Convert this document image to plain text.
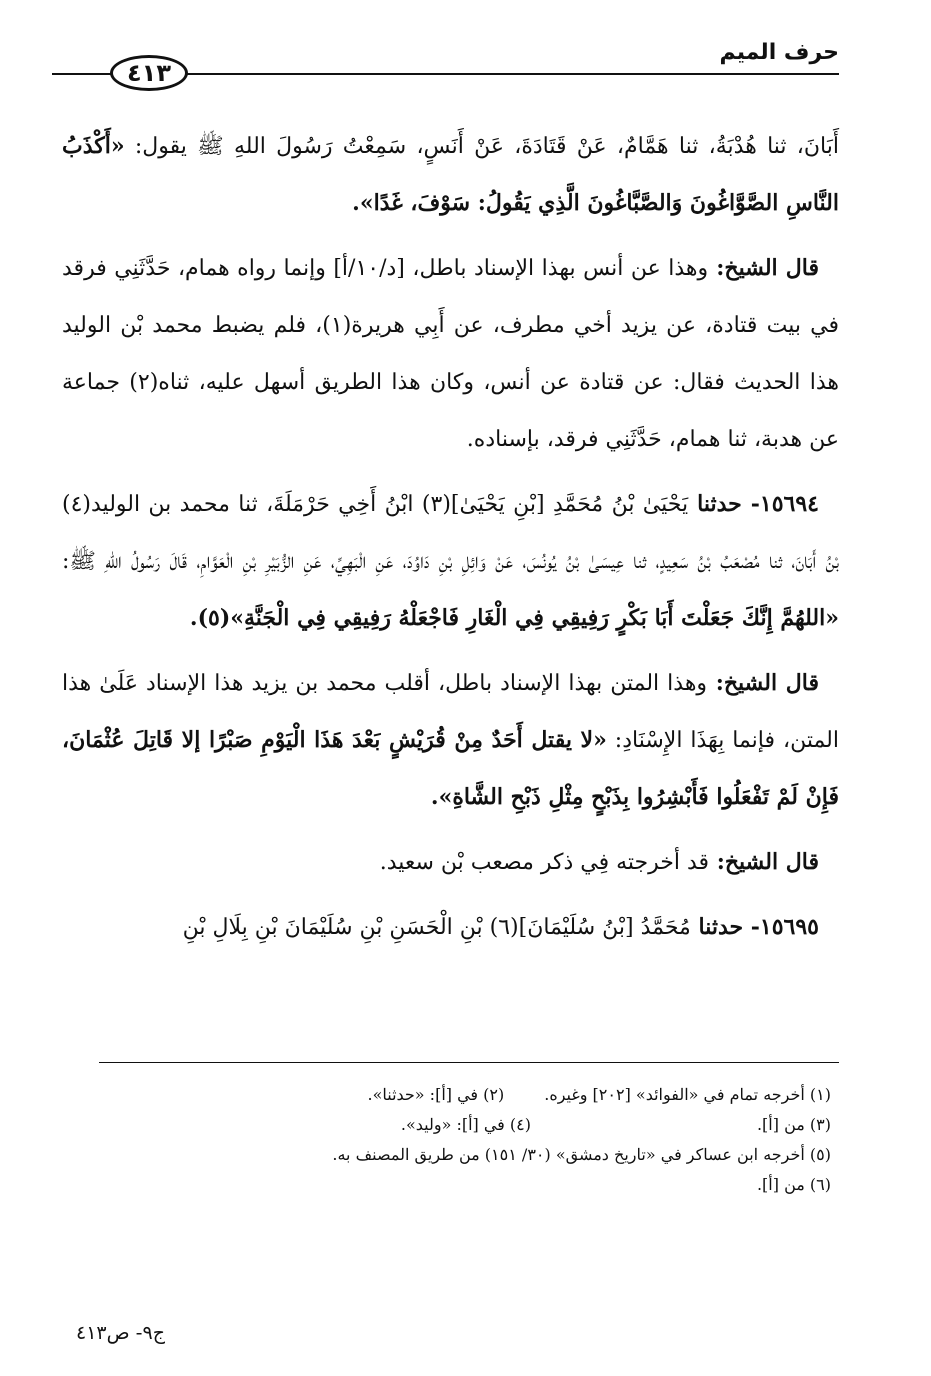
حرف الميم
٤١٣

أَبَانَ، ثنا هُدْبَةُ، ثنا هَمَّامٌ، عَنْ قَتَادَةَ، عَنْ أَنَسٍ، سَمِعْتُ رَسُولَ اللهِ ﷺ يقول: «أَكْذَبُ النَّاسِ الصَّوَّاغُونَ وَالصَّبَّاغُونَ الَّذِي يَقُولُ: سَوْفَ، غَدًا».

قال الشيخ: وهذا عن أنس بهذا الإسناد باطل، [د/١٠/أ] وإنما رواه همام، حَدَّثَنِي فرقد في بيت قتادة، عن يزيد أخي مطرف، عن أَبِي هريرة(١)، فلم يضبط محمد بْن الوليد هذا الحديث فقال: عن قتادة عن أنس، وكان هذا الطريق أسهل عليه، ثناه(٢) جماعة عن هدبة، ثنا همام، حَدَّثَنِي فرقد، بإسناده.

١٥٦٩٤- حدثنا يَحْيَىٰ بْنُ مُحَمَّدِ [بْنِ يَحْيَىٰ](٣) ابْنُ أَخِي حَرْمَلَةَ، ثنا محمد بن الوليد(٤) بْنُ أَبَانَ، ثنا مُصْعَبُ بْنُ سَعِيدٍ، ثنا عِيسَىٰ بْنُ يُونُسَ، عَنْ وَائِلِ بْنِ دَاوُدَ، عَنِ الْبَهِيِّ، عَنِ الزُّبَيْرِ بْنِ الْعَوَّامِ، قَالَ رَسُولُ اللهِ ﷺ: «اللهُمَّ إِنَّكَ جَعَلْتَ أَبَا بَكْرٍ رَفِيقِي فِي الْغَارِ فَاجْعَلْهُ رَفِيقِي فِي الْجَنَّةِ»(٥).

قال الشيخ: وهذا المتن بهذا الإسناد باطل، أقلب محمد بن يزيد هذا الإسناد عَلَىٰ هذا المتن، فإنما بِهَذَا الإِسْنَادِ: «لا يقتل أَحَدٌ مِنْ قُرَيْشٍ بَعْدَ هَذَا الْيَوْمِ صَبْرًا إلا قَاتِلَ عُثْمَانَ، فَإِنْ لَمْ تَفْعَلُوا فَأَبْشِرُوا بِذَبْحٍ مِثْلِ ذَبْحِ الشَّاةِ».

قال الشيخ: قد أخرجته فِي ذكر مصعب بْن سعيد.

١٥٦٩٥- حدثنا مُحَمَّدُ [بْنُ سُلَيْمَانَ](٦) بْنِ الْحَسَنِ بْنِ سُلَيْمَانَ بْنِ بِلَالِ بْنِ

(١) أخرجه تمام في «الفوائد» [٢٠٢] وغيره.
(٢) في [أ]: «حدثنا».
(٣) من [أ].
(٤) في [أ]: «وليد».
(٥) أخرجه ابن عساكر في «تاريخ دمشق» (٣٠/ ١٥١) من طريق المصنف به.
(٦) من [أ].
ج٩- ص٤١٣
